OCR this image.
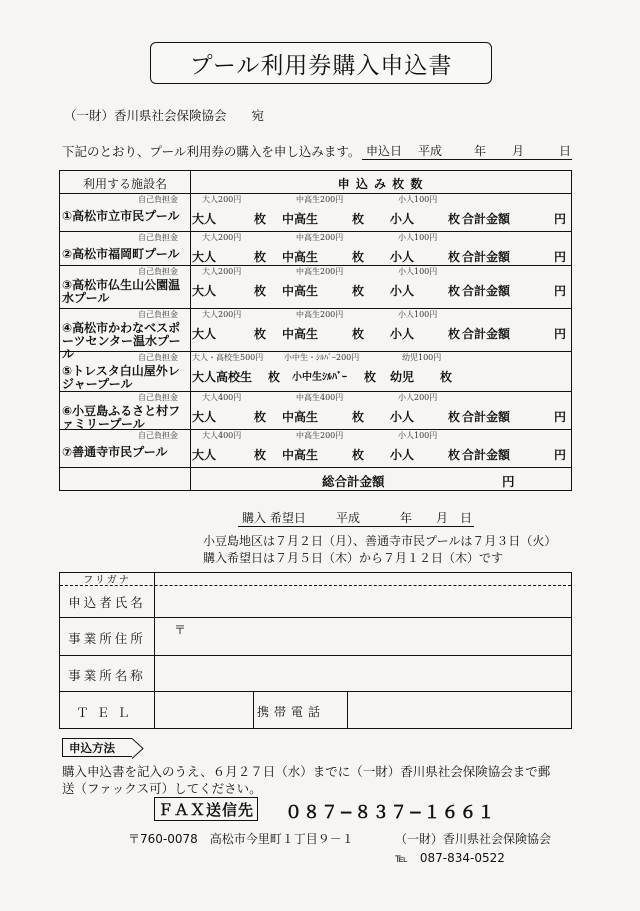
プール利用券購入申込書
（一財）香川県社会保険協会　　宛
下記のとおり、プール利用券の購入を申し込みます。 申込日 平成	年 月	日
利用する施設名	申 込 み 枚 数
自己負担金
①高松市立市民プール
大人200円	中高生200円	小人100円
大人	枚 中高生	枚 小人	枚 合計金額	円
自己負担金
②高松市福岡町プール
大人200円	中高生200円	小人100円
大人	枚 中高生	枚 小人	枚 合計金額	円
自己負担金
③高松市仏生山公園温水プール
大人200円	中高生200円	小人100円
大人	枚 中高生	枚 小人	枚 合計金額	円
自己負担金
④高松市かわなべスポーツセンター温水プール
大人200円	中高生200円	小人100円
大人	枚 中高生	枚 小人	枚 合計金額	円
自己負担金
⑤トレスタ白山屋外レジャープール
大人・高校生500円	小中生・ｼﾙﾊﾞｰ200円	幼児100円
大人高校生 枚 小中生ｼﾙﾊﾞｰ 枚 幼児 枚
自己負担金
⑥小豆島ふるさと村ファミリープール
大人400円	中高生400円	小人200円
大人	枚 中高生	枚 小人	枚 合計金額	円
自己負担金
⑦善通寺市民プール
大人400円	中高生200円	小人100円
大人	枚 中高生	枚 小人	枚 合計金額	円
総合計金額	円
購入 希望日	平成	年 月 日
小豆島地区は７月２日（月）、善通寺市民プールは７月３日（火）
購入希望日は７月５日（木）から７月１２日（木）です
フリガナ
申込者氏名
事業所住所
〒
事業所名称
ＴＥＬ	携帯電話
申込方法
購入申込書を記入のうえ、６月２７日（水）までに（一財）香川県社会保険協会まで郵
送（ファックス可）してください。
ＦＡＸ送信先 ０８７−８３７−１６６１
〒760-0078　高松市今里町１丁目９－１	（一財）香川県社会保険協会
℡　087-834-0522
